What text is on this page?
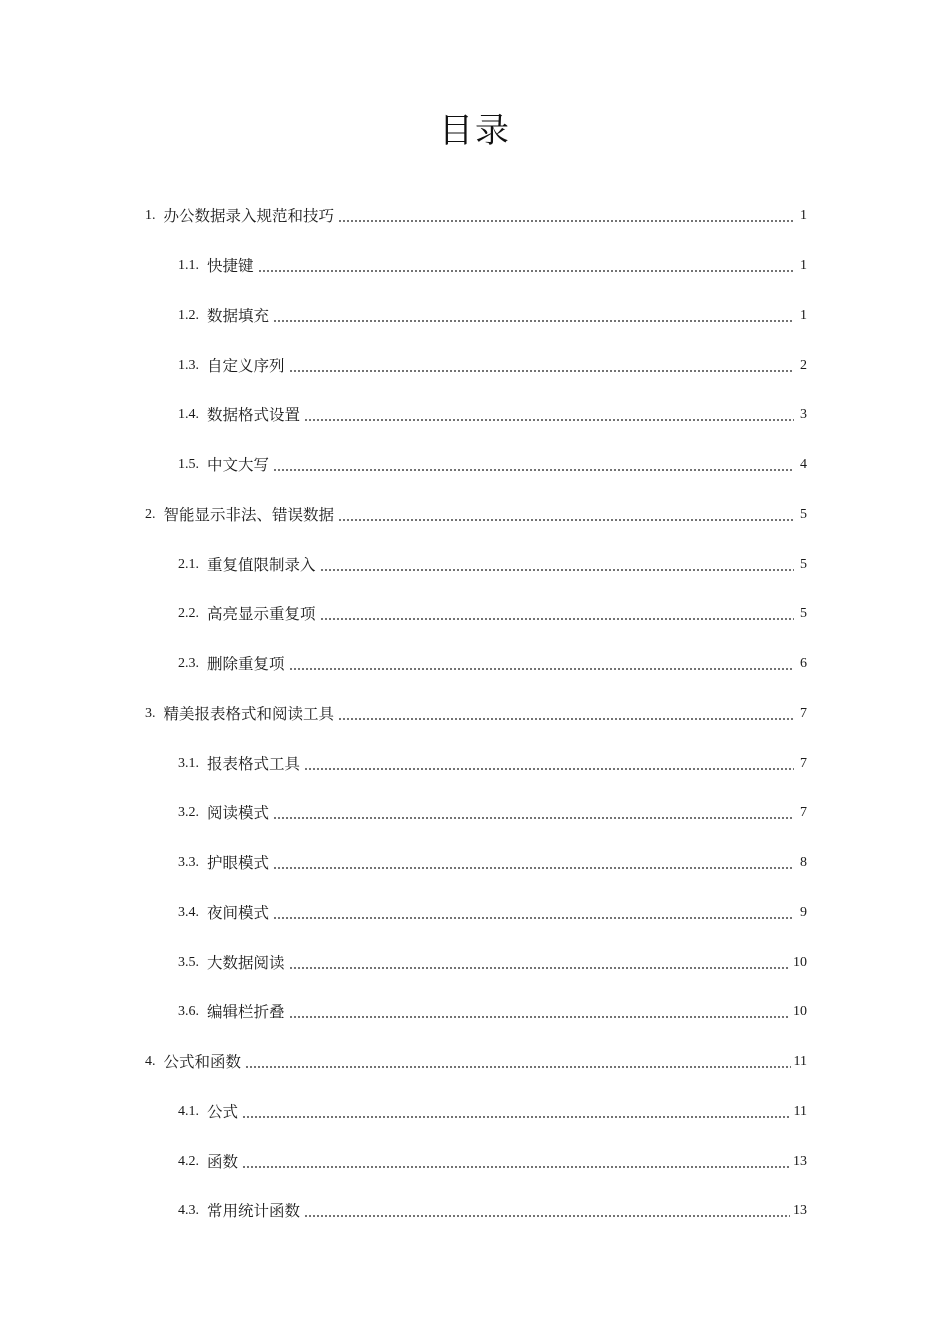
目录
1. 办公数据录入规范和技巧	1
1.1. 快捷键	1
1.2. 数据填充	1
1.3. 自定义序列	2
1.4. 数据格式设置	3
1.5. 中文大写	4
2. 智能显示非法、错误数据	5
2.1. 重复值限制录入	5
2.2. 高亮显示重复项	5
2.3. 删除重复项	6
3. 精美报表格式和阅读工具	7
3.1. 报表格式工具	7
3.2. 阅读模式	7
3.3. 护眼模式	8
3.4. 夜间模式	9
3.5. 大数据阅读	10
3.6. 编辑栏折叠	10
4. 公式和函数	11
4.1. 公式	11
4.2. 函数	13
4.3. 常用统计函数	13
